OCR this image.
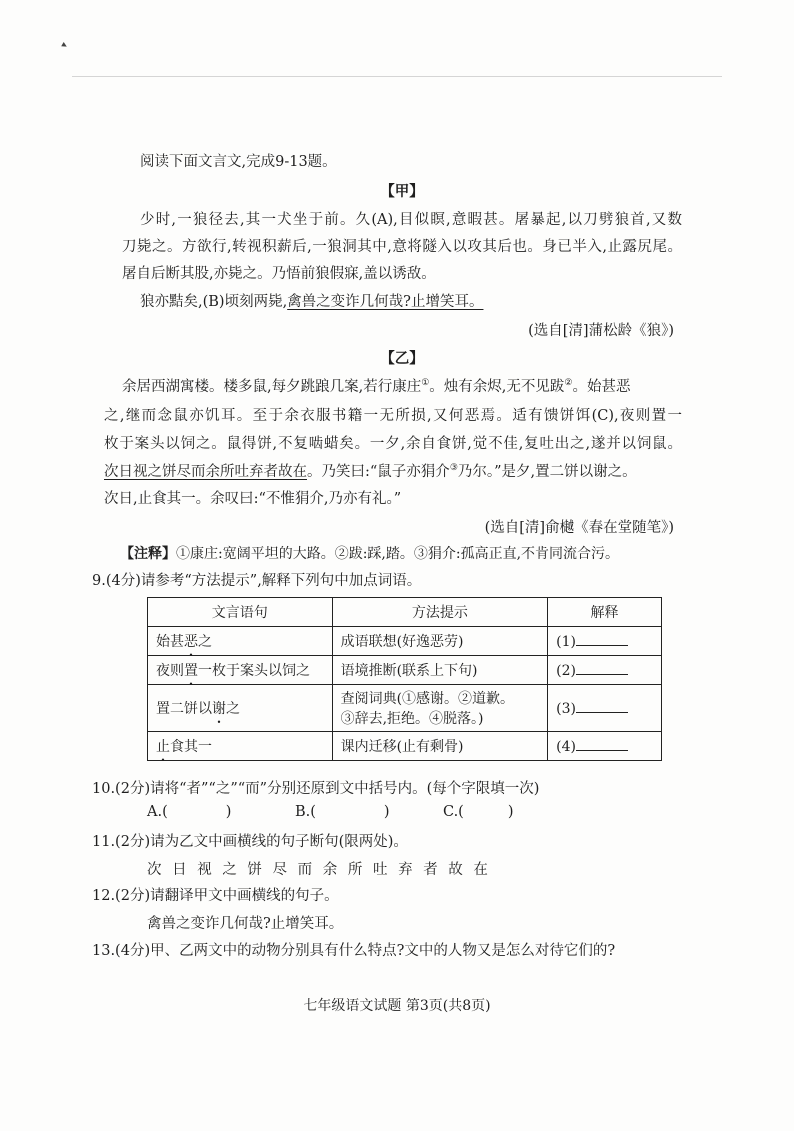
▸
阅读下面文言文,完成9-13题。
【甲】
少时,一狼径去,其一犬坐于前。久(A),目似瞑,意暇甚。屠暴起,以刀劈狼首,又数
刀毙之。方欲行,转视积薪后,一狼洞其中,意将隧入以攻其后也。身已半入,止露尻尾。
屠自后断其股,亦毙之。乃悟前狼假寐,盖以诱敌。
狼亦黠矣,(B)顷刻两毙,禽兽之变诈几何哉?止增笑耳。
(选自[清]蒲松龄《狼》)
【乙】
余居西湖寓楼。楼多鼠,每夕跳踉几案,若行康庄①。烛有余烬,无不见跋②。始甚恶
之,继而念鼠亦饥耳。至于余衣服书籍一无所损,又何恶焉。适有馈饼饵(C),夜则置一
枚于案头以饲之。鼠得饼,不复啮蜡矣。一夕,余自食饼,觉不佳,复吐出之,遂并以饲鼠。
次日视之饼尽而余所吐弃者故在。乃笑曰:“鼠子亦狷介③乃尔。”是夕,置二饼以谢之。
次日,止食其一。余叹曰:“不惟狷介,乃亦有礼。”
(选自[清]俞樾《春在堂随笔》)
【注释】①康庄:宽阔平坦的大路。②跋:踩,踏。③狷介:孤高正直,不肯同流合污。
9.(4分)请参考“方法提示”,解释下列句中加点词语。
文言语句	方法提示	解释
始甚恶之	成语联想(好逸恶劳)	(1)
夜则置一枚于案头以饲之	语境推断(联系上下句)	(2)
置二饼以谢之	查阅词典(①感谢。②道歉。
③辞去,拒绝。④脱落。)	(3)
止食其一	课内迁移(止有剩骨)	(4)
10.(2分)请将“者”“之”“而”分别还原到文中括号内。(每个字限填一次)
A.(	)	B.(	)	C.(	)
11.(2分)请为乙文中画横线的句子断句(限两处)。
次 日 视 之 饼 尽 而 余 所 吐 弃 者 故 在
12.(2分)请翻译甲文中画横线的句子。
禽兽之变诈几何哉?止增笑耳。
13.(4分)甲、乙两文中的动物分别具有什么特点?文中的人物又是怎么对待它们的?
七年级语文试题 第3页(共8页)
